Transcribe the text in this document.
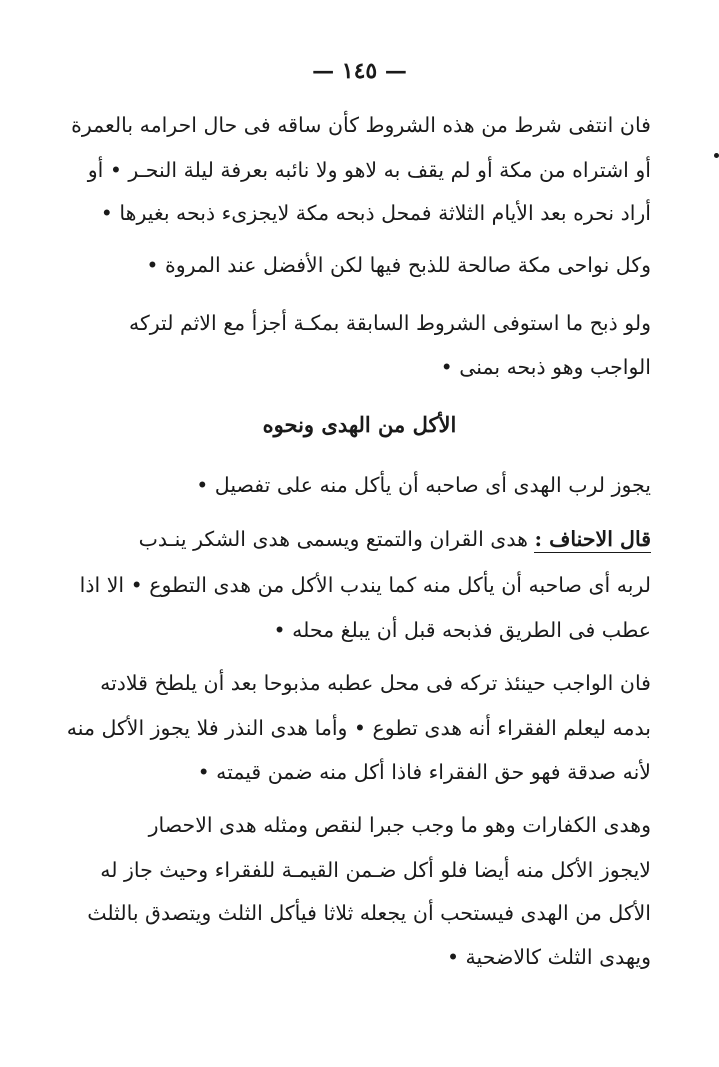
— ١٤٥ —

فان انتفى شرط من هذه الشروط كأن ساقه فى حال احرامه بالعمرة

أو اشتراه من مكة أو لم يقف به لاهو ولا نائبه بعرفة ليلة النحـر • أو

أراد نحره بعد الأيام الثلاثة فمحل ذبحه مكة لايجزىء ذبحه بغيرها •

وكل نواحى مكة صالحة للذبح فيها لكن الأفضل عند المروة •

ولو ذبح ما استوفى الشروط السابقة بمكـة أجزأ مع الاثم لتركه

الواجب وهو ذبحه بمنى •

الأكل من الهدى ونحوه

يجوز لرب الهدى أى صاحبه أن يأكل منه على تفصيل •

قال الاحناف : هدى القران والتمتع ويسمى هدى الشكر ينـدب

لربه أى صاحبه أن يأكل منه كما يندب الأكل من هدى التطوع • الا اذا

عطب فى الطريق فذبحه قبل أن يبلغ محله •

فان الواجب حينئذ تركه فى محل عطبه مذبوحا بعد أن يلطخ قلادته

بدمه ليعلم الفقراء أنه هدى تطوع • وأما هدى النذر فلا يجوز الأكل منه

لأنه صدقة فهو حق الفقراء فاذا أكل منه ضمن قيمته •

وهدى الكفارات وهو ما وجب جبرا لنقص ومثله هدى الاحصار

لايجوز الأكل منه أيضا فلو أكل ضـمن القيمـة للفقراء وحيث جاز له

الأكل من الهدى فيستحب أن يجعله ثلاثا فيأكل الثلث ويتصدق بالثلث

ويهدى الثلث كالاضحية •
